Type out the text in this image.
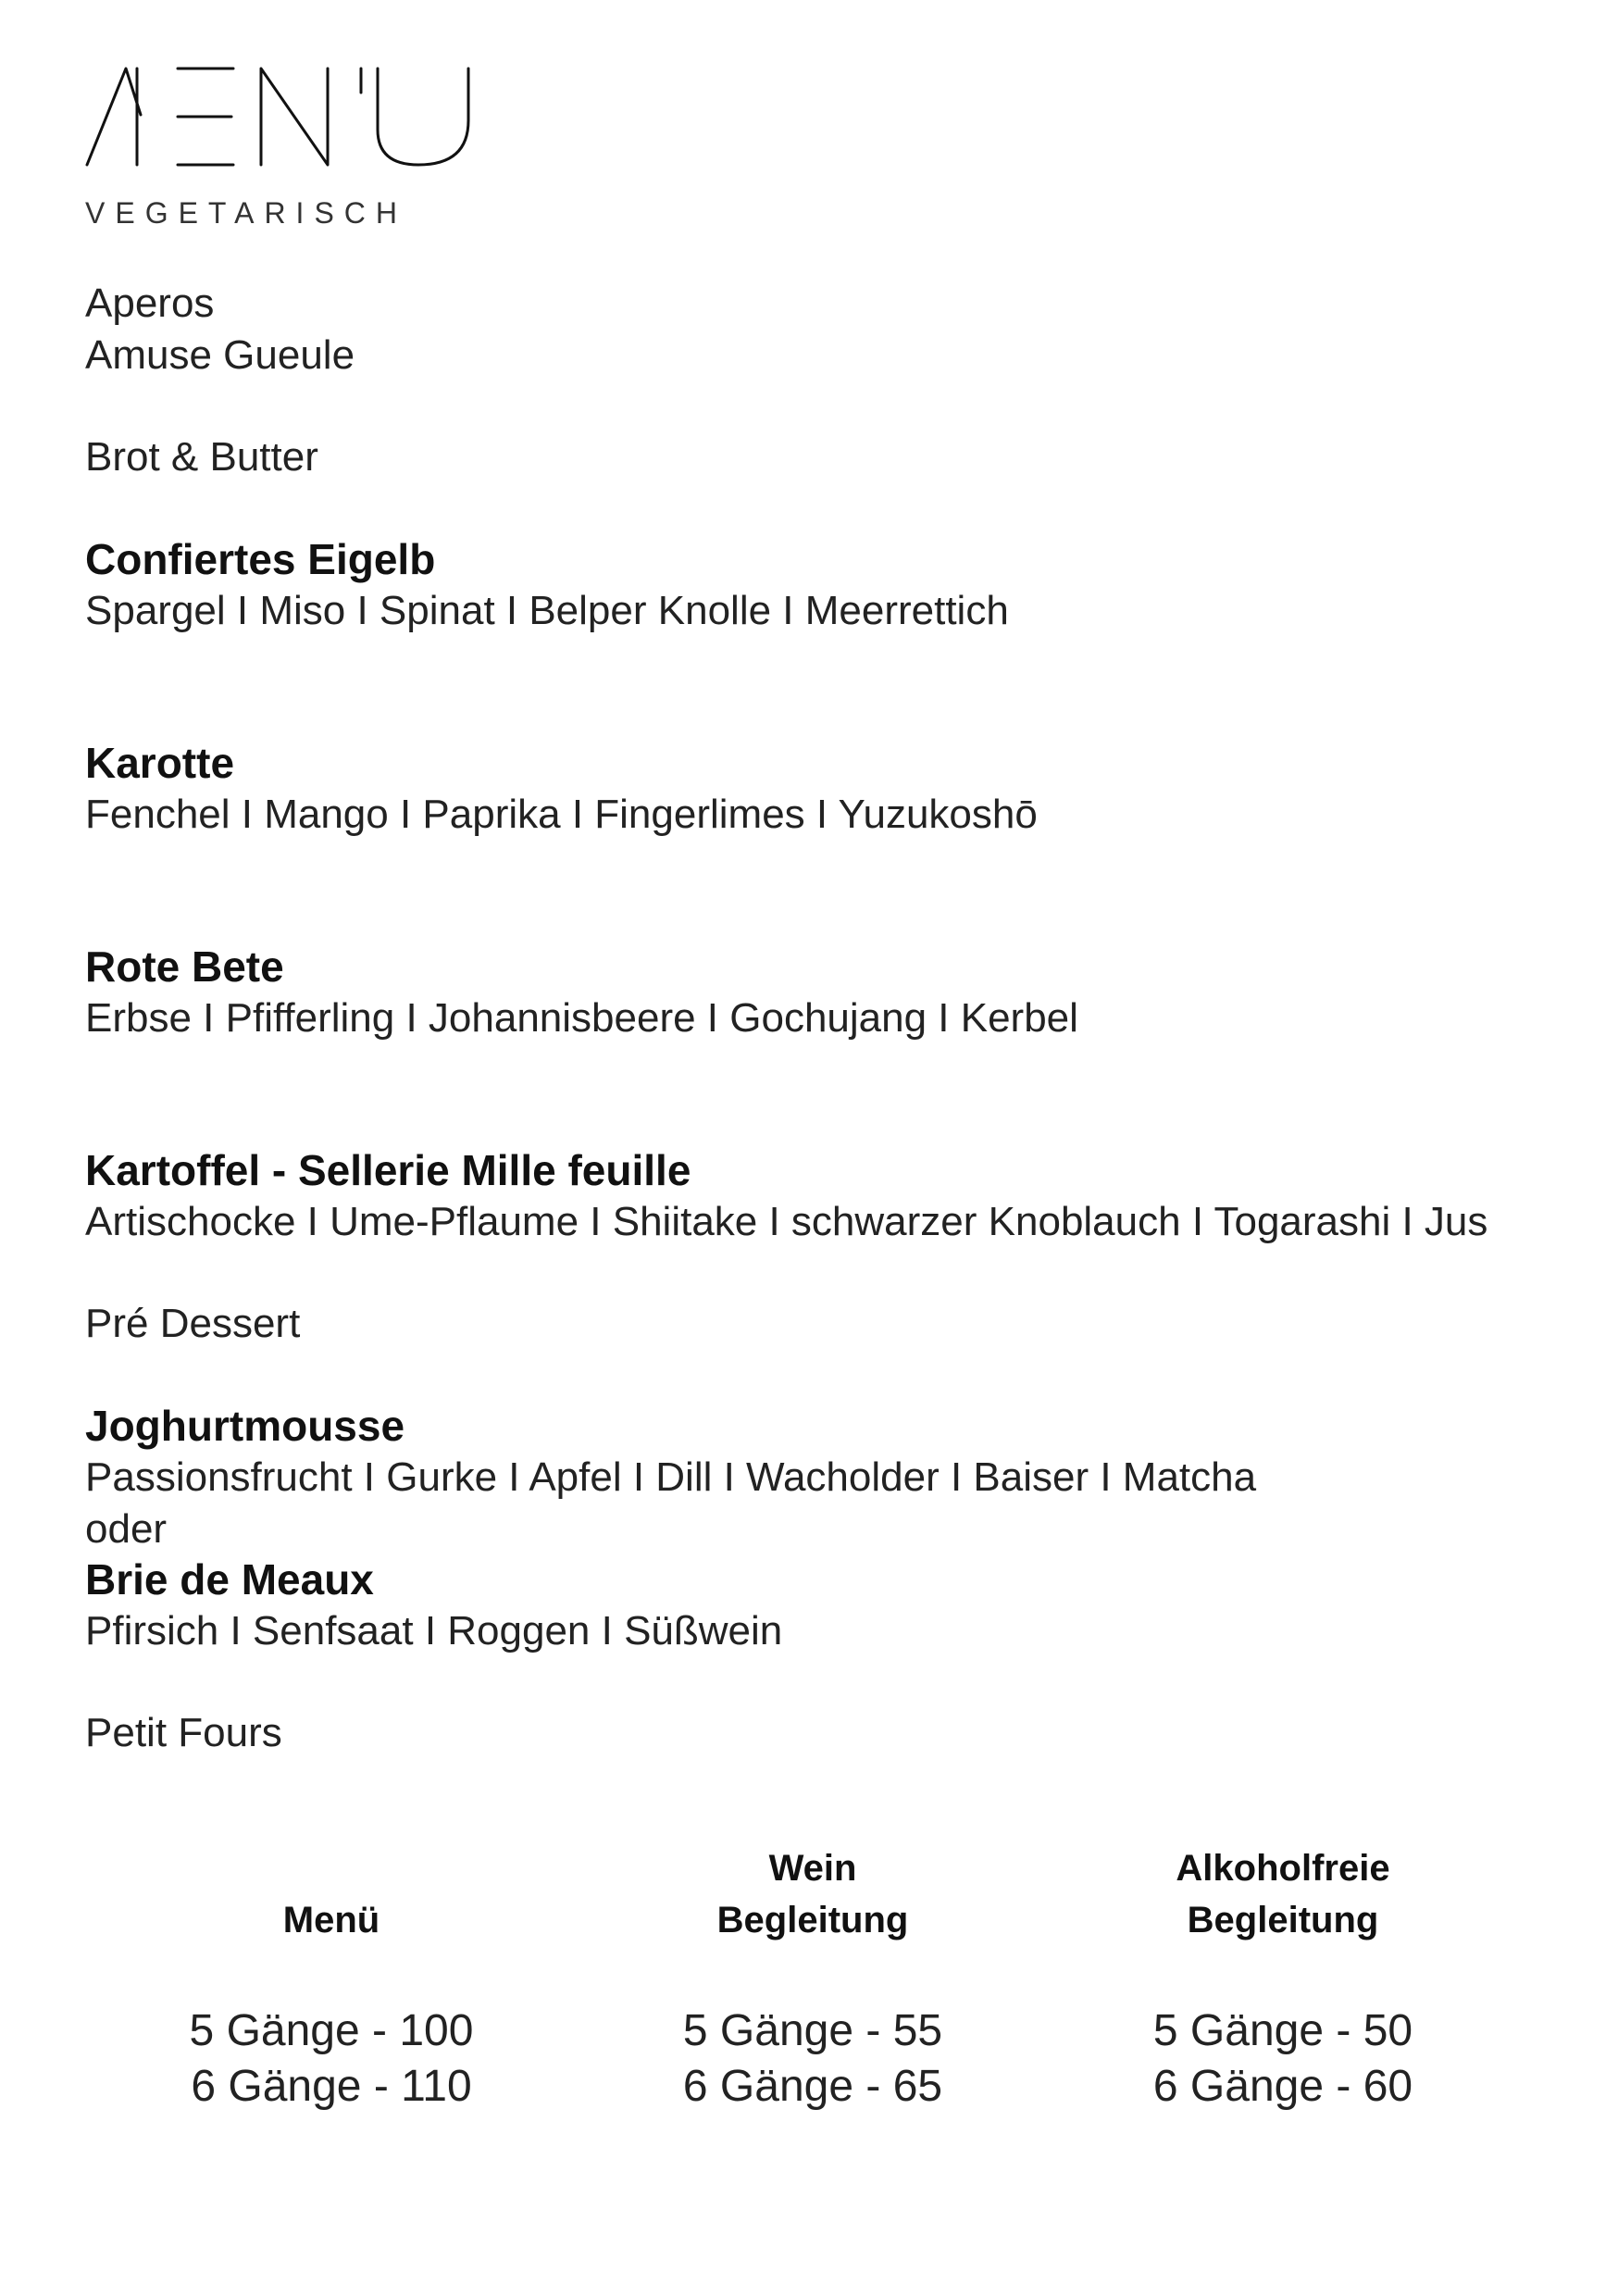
VEGETARISCH
Aperos
Amuse Gueule
Brot & Butter
Confiertes Eigelb
Spargel I Miso I Spinat I Belper Knolle I Meerrettich
Karotte
Fenchel I Mango I Paprika I Fingerlimes I Yuzukoshō
Rote Bete
Erbse I Pfifferling I Johannisbeere I Gochujang I Kerbel
Kartoffel - Sellerie Mille feuille
Artischocke I Ume-Pflaume I Shiitake I schwarzer Knoblauch I Togarashi I Jus
Pré Dessert
Joghurtmousse
Passionsfrucht I Gurke I Apfel I Dill I Wacholder I Baiser I Matcha
oder
Brie de Meaux
Pfirsich I Senfsaat I Roggen I Süßwein
Petit Fours

Menü
5 Gänge - 100
6 Gänge - 110
Wein
Begleitung
5 Gänge - 55
6 Gänge - 65
Alkoholfreie
Begleitung
5 Gänge - 50
6 Gänge - 60
